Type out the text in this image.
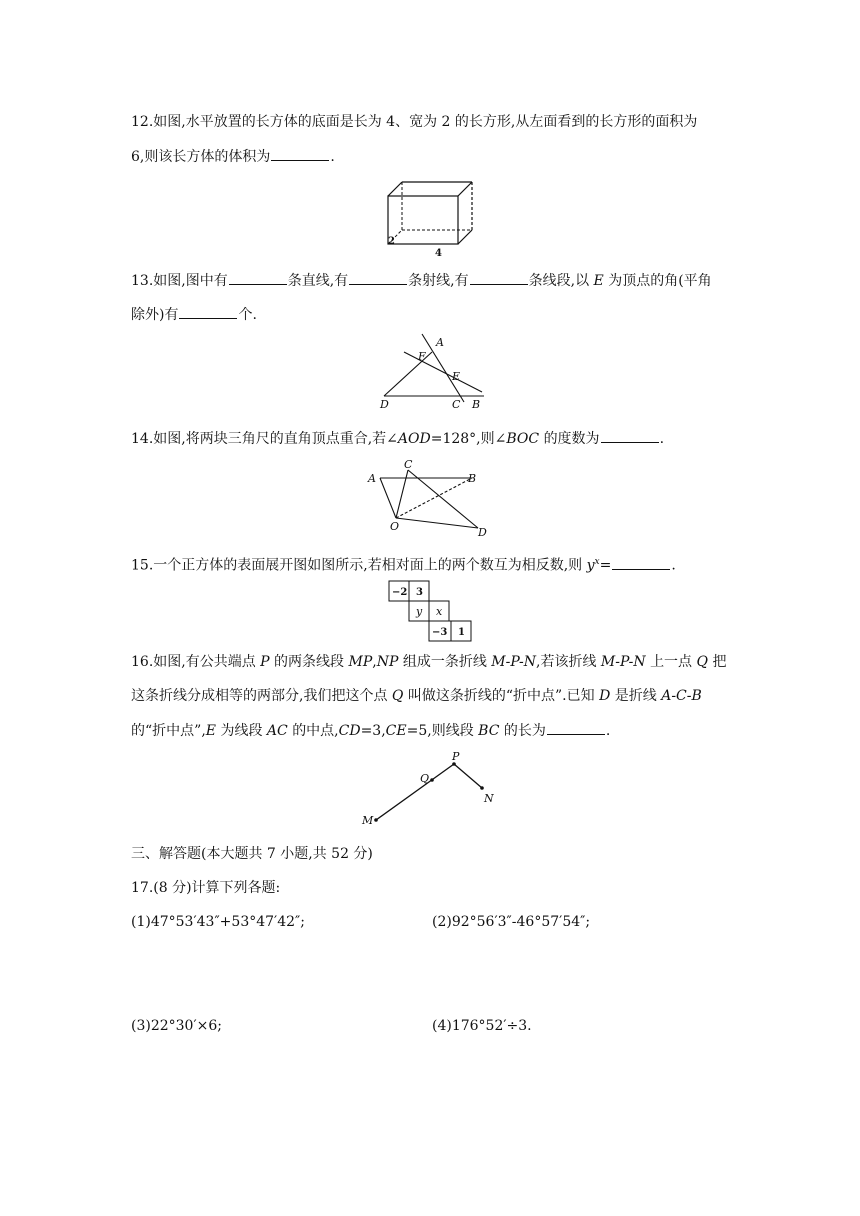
12.如图,水平放置的长方体的底面是长为 4、宽为 2 的长方形,从左面看到的长方形的面积为
6,则该长方体的体积为	.
2
4
13.如图,图中有	条直线,有	条射线,有	条线段,以 E 为顶点的角(平角
除外)有	个.
A
F
E
D	C B
14.如图,将两块三角尺的直角顶点重合,若∠AOD=128°,则∠BOC 的度数为	.
A
C
B
O	D
15.一个正方体的表面展开图如图所示,若相对面上的两个数互为相反数,则 $y^x=$	.
−2 3
y x
−3 1
16.如图,有公共端点 P 的两条线段 MP,NP 组成一条折线 M-P-N,若该折线 M-P-N 上一点 Q 把
这条折线分成相等的两部分,我们把这个点 Q 叫做这条折线的“折中点”.已知 D 是折线 A-C-B
的“折中点”,E 为线段 AC 的中点,CD=3,CE=5,则线段 BC 的长为	.
P
Q
N
M
三、解答题(本大题共 7 小题,共 52 分)
17.(8 分)计算下列各题:
(1)47°53′43″+53°47′42″;	(2)92°56′3″-46°57′54″;
(3)22°30′×6;	(4)176°52′÷3.
